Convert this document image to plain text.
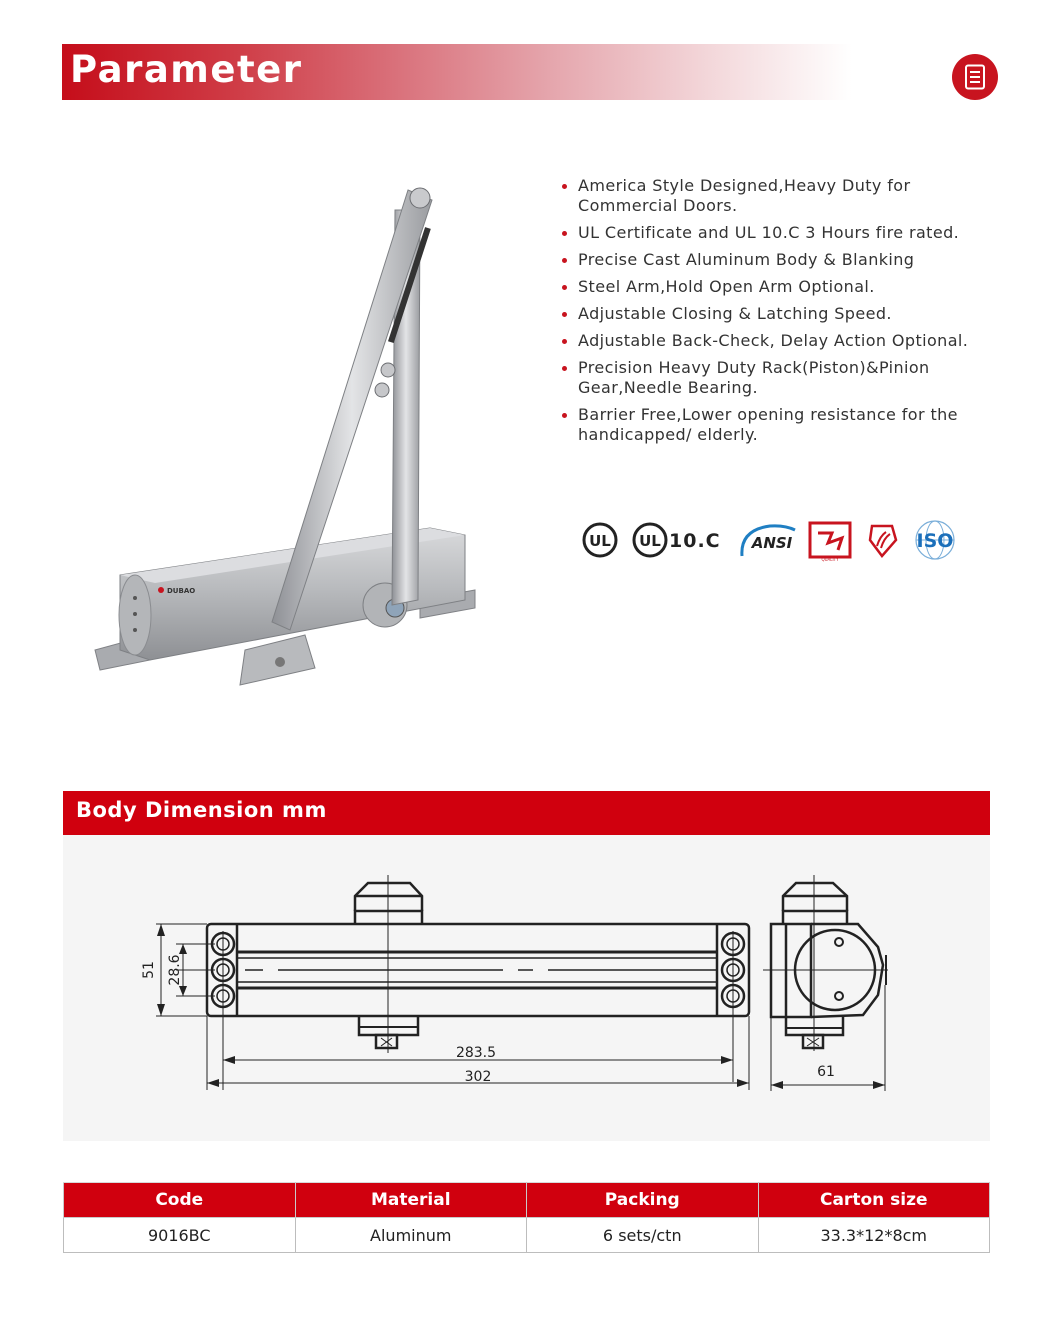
Parameter
DUBAO
America Style Designed,Heavy Duty for Commercial Doors.
UL Certificate and UL 10.C 3 Hours fire rated.
Precise Cast Aluminum Body & Blanking
Steel Arm,Hold Open Arm Optional.
Adjustable Closing & Latching Speed.
Adjustable Back-Check, Delay Action Optional.
Precision Heavy Duty Rack(Piston)&Pinion Gear,Needle Bearing.
Barrier Free,Lower opening resistance for the handicapped/ elderly.
UL UL 10.C ANSI
QUALITY
ISO
Body Dimension mm
51 28.6
283.5
302	61
Code	Material	Packing	Carton size
9016BC	Aluminum	6 sets/ctn	33.3*12*8cm
